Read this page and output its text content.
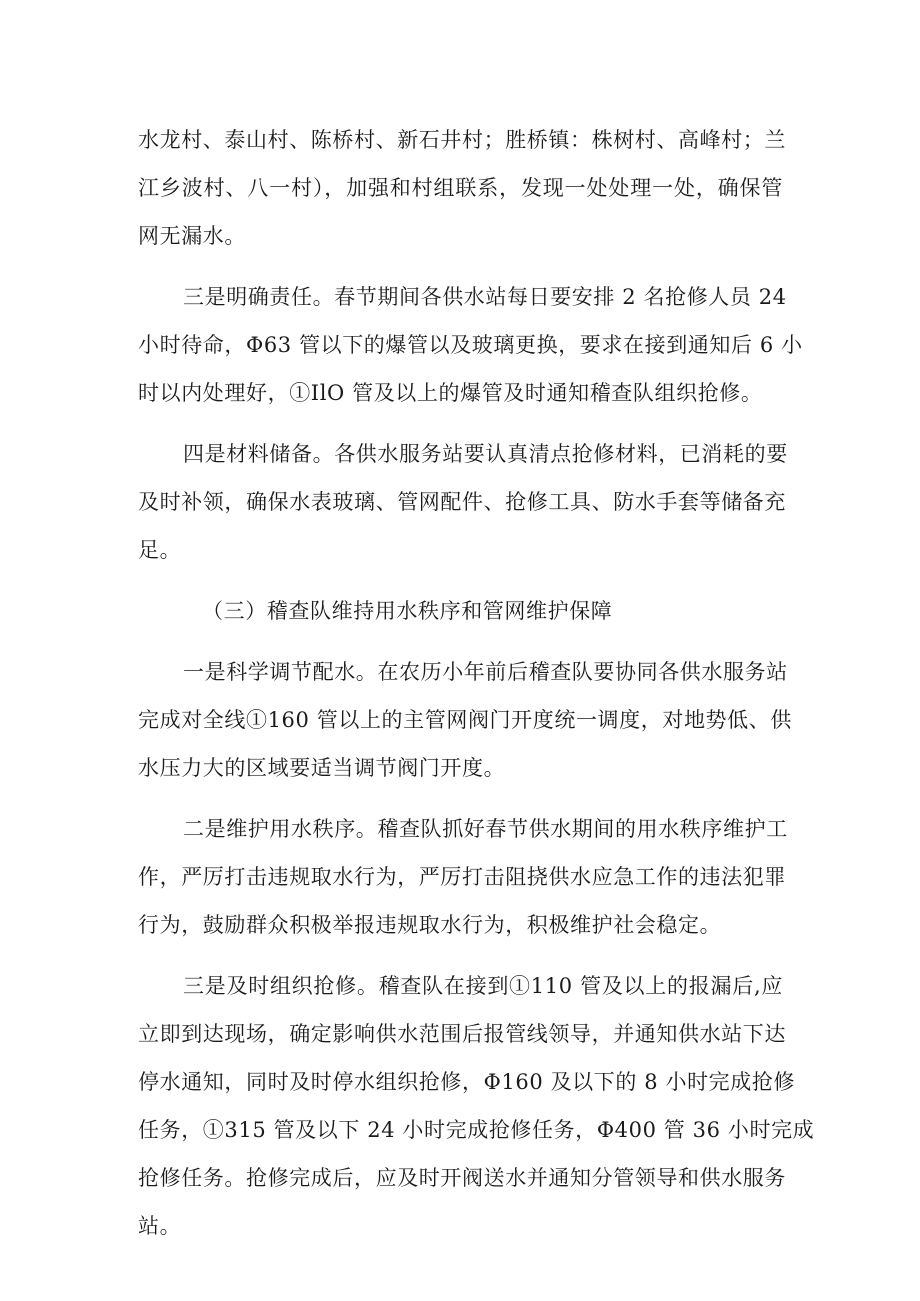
水龙村、泰山村、陈桥村、新石井村；胜桥镇：株树村、高峰村；兰
江乡波村、八一村），加强和村组联系，发现一处处理一处，确保管
网无漏水。
三是明确责任。春节期间各供水站每日要安排 2 名抢修人员 24
小时待命，Φ63 管以下的爆管以及玻璃更换，要求在接到通知后 6 小
时以内处理好，①IlO 管及以上的爆管及时通知稽查队组织抢修。
四是材料储备。各供水服务站要认真清点抢修材料，已消耗的要
及时补领，确保水表玻璃、管网配件、抢修工具、防水手套等储备充
足。
（三）稽查队维持用水秩序和管网维护保障
一是科学调节配水。在农历小年前后稽查队要协同各供水服务站
完成对全线①160 管以上的主管网阀门开度统一调度，对地势低、供
水压力大的区域要适当调节阀门开度。
二是维护用水秩序。稽查队抓好春节供水期间的用水秩序维护工
作，严厉打击违规取水行为，严厉打击阻挠供水应急工作的违法犯罪
行为，鼓励群众积极举报违规取水行为，积极维护社会稳定。
三是及时组织抢修。稽查队在接到①110 管及以上的报漏后,应
立即到达现场，确定影响供水范围后报管线领导，并通知供水站下达
停水通知，同时及时停水组织抢修，Φ160 及以下的 8 小时完成抢修
任务，①315 管及以下 24 小时完成抢修任务，Φ400 管 36 小时完成
抢修任务。抢修完成后，应及时开阀送水并通知分管领导和供水服务
站。
